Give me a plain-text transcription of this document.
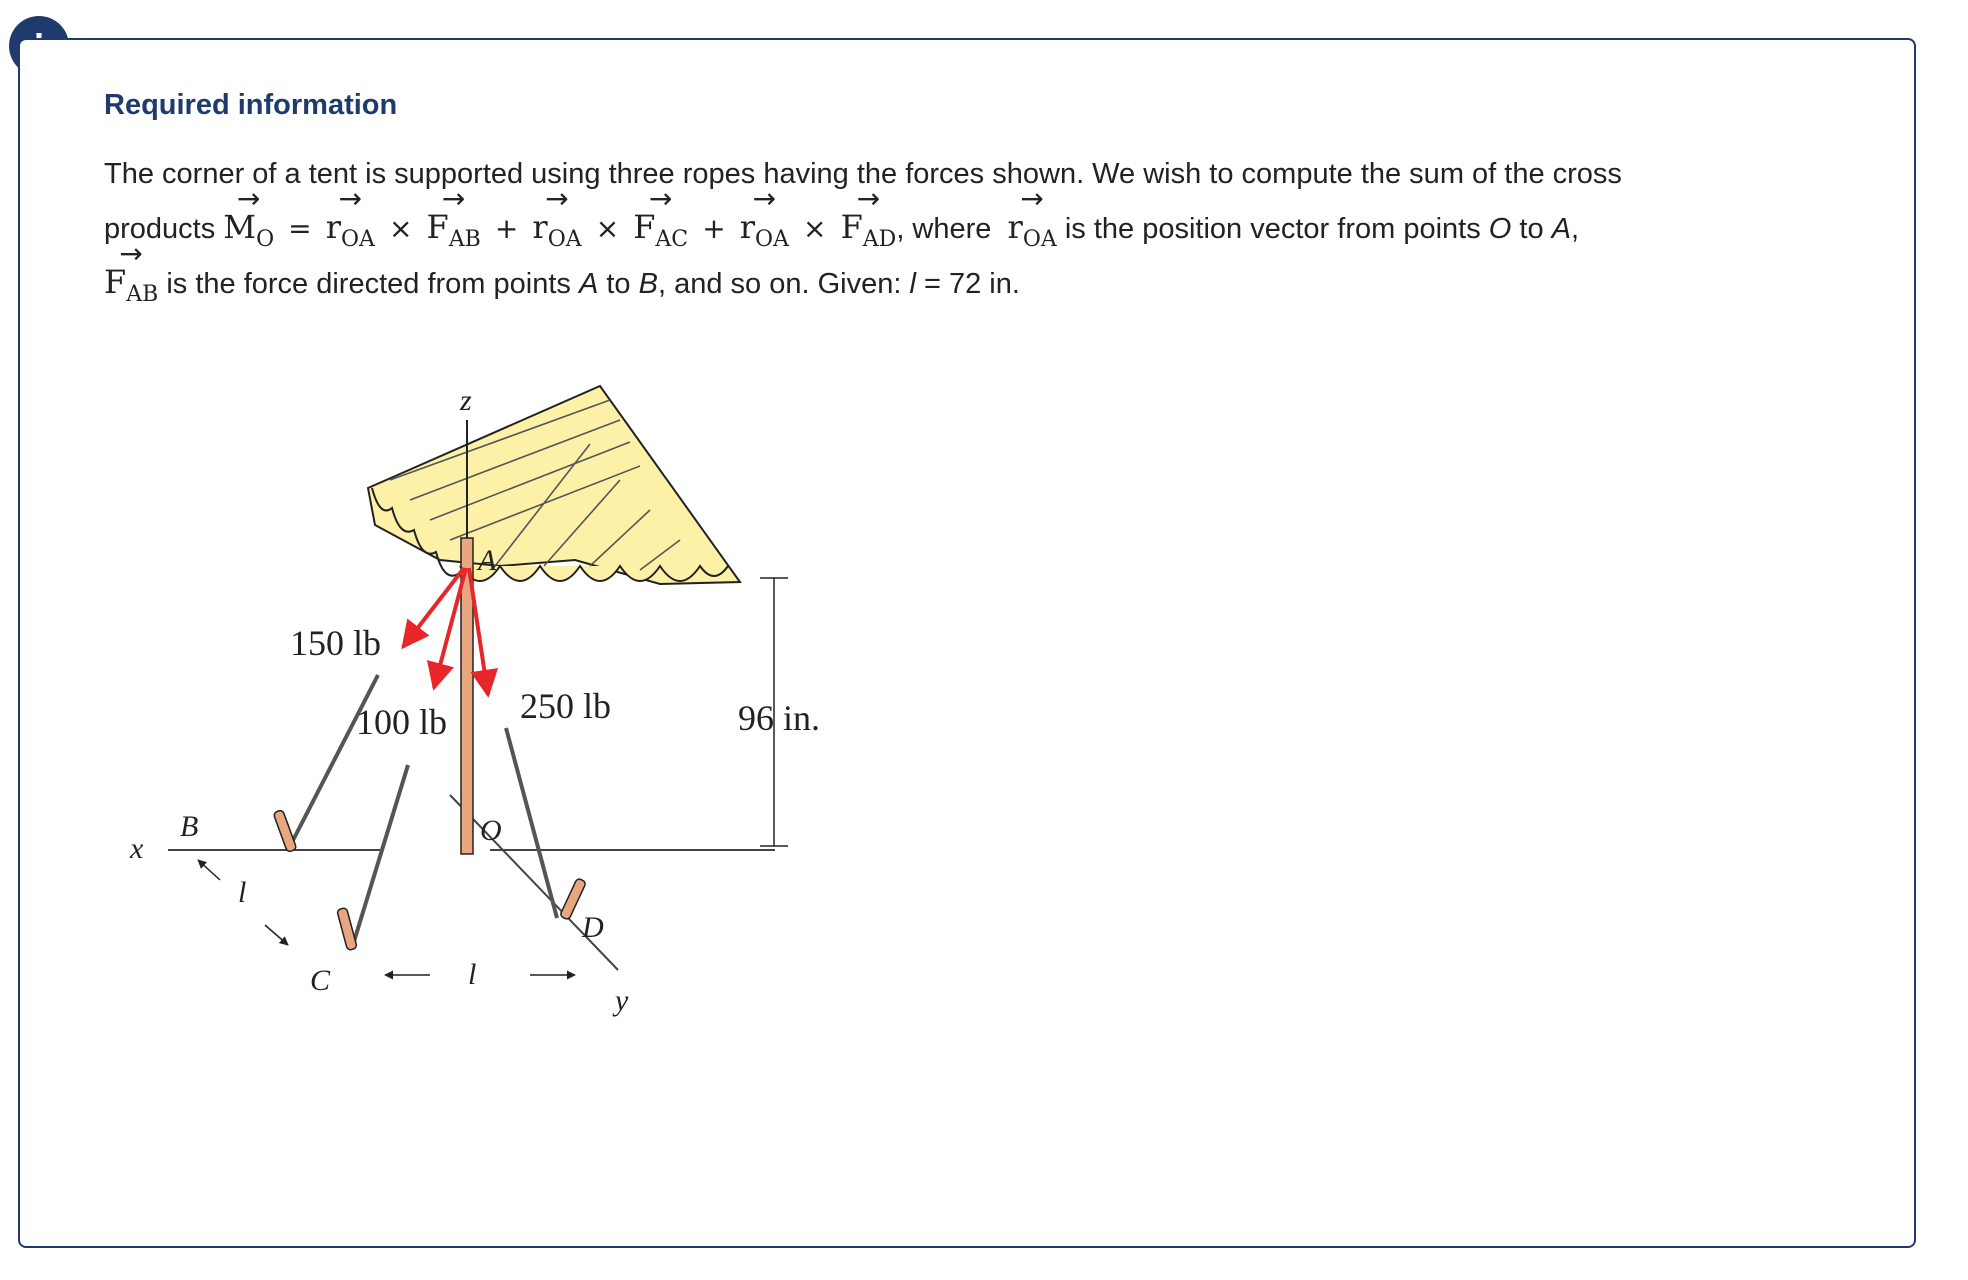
Required information
The corner of a tent is supported using three ropes having the forces shown. We wish to compute the sum of the cross
products → $M_O$ = → $r_{OA}$ × → $F_{AB}$ + → $r_{OA}$ × → $F_{AC}$ + → $r_{OA}$ × → $F_{AD}$, where → $r_{OA}$ is the position vector from points O to A,
→ $F_{AB}$ is the force directed from points A to B, and so on. Given: l = 72 in.
150 lb
100 lb 250 lb	96 in.
z
x
y
A
B
C
D
O
l
l
